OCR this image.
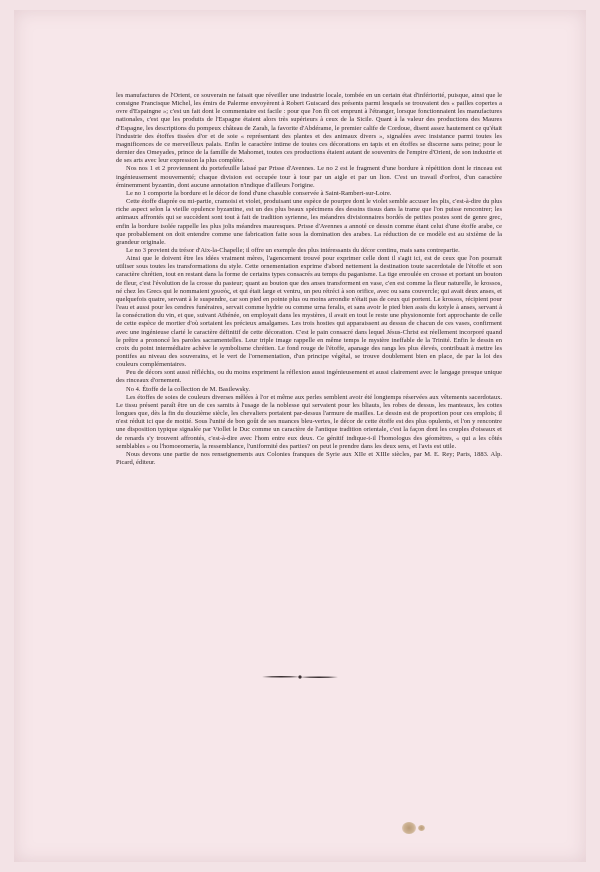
les manufactures de l'Orient, ce souverain ne faisait que réveiller une industrie locale, tombée en un certain état d'infériorité, puisque, ainsi que le consigne Francisque Michel, les émirs de Palerme envoyèrent à Robert Guiscard des présents parmi lesquels se trouvaient des « pailles copertes a ovre d'Espaingne »; c'est un fait dont le commentaire est facile : pour que l'on fît cet emprunt à l'étranger, lorsque fonctionnaient les manufactures nationales, c'est que les produits de l'Espagne étaient alors très supérieurs à ceux de la Sicile. Quant à la valeur des productions des Maures d'Espagne, les descriptions du pompeux château de Zarah, la favorite d'Abdérame, le premier calife de Cordoue, disent assez hautement ce qu'était l'industrie des étoffes tissées d'or et de soie « représentant des plantes et des animaux divers », signalées avec insistance parmi toutes les magnificences de ce merveilleux palais. Enfin le caractère intime de toutes ces décorations en tapis et en étoffes se discerne sans peine; pour le dernier des Omeyades, prince de la famille de Mahomet, toutes ces productions étaient autant de souvenirs de l'empire d'Orient, de son industrie et de ses arts avec leur expression la plus complète.

Nos nos 1 et 2 proviennent du portefeuille laissé par Prisse d'Avennes. Le no 2 est le fragment d'une bordure à répétition dont le rinceau est ingénieusement mouvementé; chaque division est occupée tour à tour par un aigle et par un lion. C'est un travail d'orfroi, d'un caractère éminemment byzantin, dont aucune annotation n'indique d'ailleurs l'origine.

Le no 1 comporte la bordure et le décor de fond d'une chasuble conservée à Saint-Rambert-sur-Loire.

Cette étoffe diaprée ou mi-partie, cramoisi et violet, produisant une espèce de pourpre dont le violet semble accuser les plis, c'est-à-dire du plus riche aspect selon la vieille opulence byzantine, est un des plus beaux spécimens des dessins tissus dans la trame que l'on puisse rencontrer; les animaux affrontés qui se succèdent sont tout à fait de tradition syrienne, les méandres divisionnaires bordés de petites postes sont de genre grec, enfin la bordure isolée rappelle les plus jolis méandres mauresques. Prisse d'Avennes a annoté ce dessin comme étant celui d'une étoffe arabe, ce que probablement on doit entendre comme une fabrication faite sous la domination des arabes. La réduction de ce modèle est au sixième de la grandeur originale.

Le no 3 provient du trésor d'Aix-la-Chapelle; il offre un exemple des plus intéressants du décor continu, mais sans contrepartie.

Ainsi que le doivent être les idées vraiment mères, l'agencement trouvé pour exprimer celle dont il s'agit ici, est de ceux que l'on pourrait utiliser sous toutes les transformations du style. Cette ornementation exprime d'abord nettement la destination toute sacerdotale de l'étoffe et son caractère chrétien, tout en restant dans la forme de certains types consacrés au temps du paganisme. La tige enroulée en crosse et portant un bouton de fleur, c'est l'évolution de la crosse du pasteur; quant au bouton que des anses transforment en vase, c'en est comme la fleur naturelle, le krossos, né chez les Grecs qui le nommaient χρυσός, et qui était large et ventru, un peu rétréci à son orifice, avec ou sans couvercle; qui avait deux anses, et quelquefois quatre, servant à le suspendre, car son pied en pointe plus ou moins arrondie n'était pas de ceux qui portent. Le krossos, récipient pour l'eau et aussi pour les cendres funéraires, servait comme hydrie ou comme urna feralis, et sans avoir le pied bien assis du kotyle à anses, servant à la consécration du vin, et que, suivant Athénée, on employait dans les mystères, il avait en tout le reste une physionomie fort approchante de celle de cette espèce de mortier d'où sortaient les précieux amalgames. Les trois hosties qui apparaissent au dessus de chacun de ces vases, confirment avec une ingénieuse clarté le caractère définitif de cette décoration. C'est le pain consacré dans lequel Jésus-Christ est réellement incorporé quand le prêtre a prononcé les paroles sacramentelles. Leur triple image rappelle en même temps le mystère ineffable de la Trinité. Enfin le dessin en croix du point intermédiaire achève le symbolisme chrétien. Le fond rouge de l'étoffe, apanage des rangs les plus élevés, contribuait à mettre les pontifes au niveau des souverains, et le vert de l'ornementation, d'un principe végétal, se trouve doublement bien en place, de par la loi des couleurs complémentaires.

Peu de décors sont aussi réfléchis, ou du moins expriment la réflexion aussi ingénieusement et aussi clairement avec le langage presque unique des rinceaux d'ornement.

No 4. Étoffe de la collection de M. Basilewsky.

Les étoffes de soies de couleurs diverses mêlées à l'or et même aux perles semblent avoir été longtemps réservées aux vêtements sacerdotaux. Le tissu présent paraît être un de ces samits à l'usage de la noblesse qui servaient pour les bliauts, les robes de dessus, les manteaux, les cottes longues que, dès la fin du douzième siècle, les chevaliers portaient par-dessus l'armure de mailles. Le dessin est de proportion pour ces emplois; il n'est réduit ici que de moitié. Sous l'unité de bon goût de ses nuances bleu-vertes, le décor de cette étoffe est des plus opulents, et l'on y rencontre une disposition typique signalée par Viollet le Duc comme un caractère de l'antique tradition orientale, c'est la façon dont les couples d'oiseaux et de renards s'y trouvent affrontés, c'est-à-dire avec l'hom entre eux deux. Ce génitif indique-t-il l'homologus des géomètres, « qui a les côtés semblables » ou l'homoeomeria, la ressemblance, l'uniformité des parties? on peut le prendre dans les deux sens, et l'avis est utile.

Nous devons une partie de nos renseignements aux Colonies franques de Syrie aux XIIe et XIIIe siècles, par M. E. Rey; Paris, 1883. Alp. Picard, éditeur.
